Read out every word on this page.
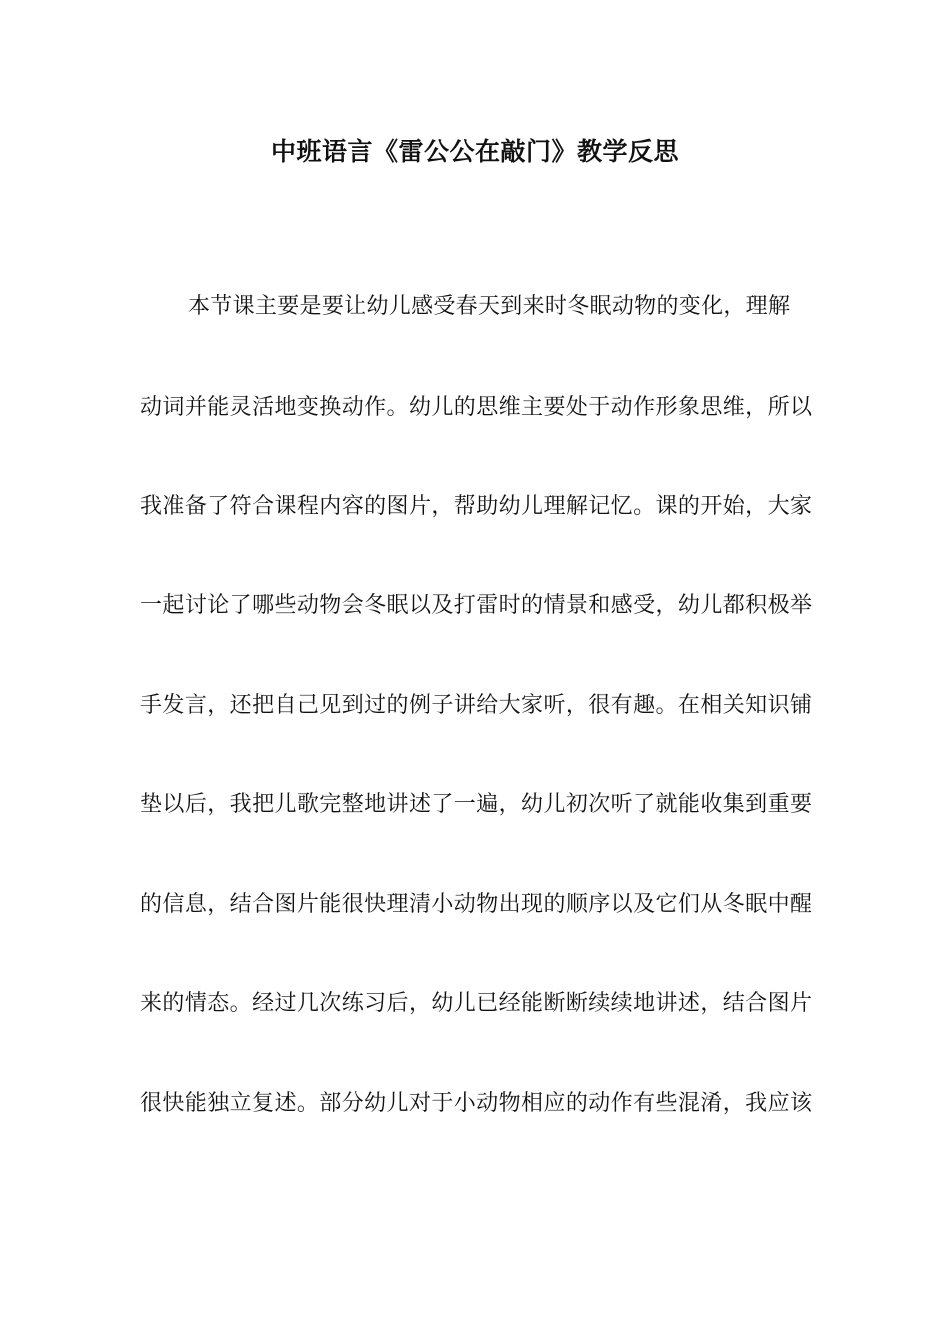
中班语言《雷公公在敲门》教学反思
本节课主要是要让幼儿感受春天到来时冬眠动物的变化，理解
动词并能灵活地变换动作。幼儿的思维主要处于动作形象思维，所以
我准备了符合课程内容的图片，帮助幼儿理解记忆。课的开始，大家
一起讨论了哪些动物会冬眠以及打雷时的情景和感受，幼儿都积极举
手发言，还把自己见到过的例子讲给大家听，很有趣。在相关知识铺
垫以后，我把儿歌完整地讲述了一遍，幼儿初次听了就能收集到重要
的信息，结合图片能很快理清小动物出现的顺序以及它们从冬眠中醒
来的情态。经过几次练习后，幼儿已经能断断续续地讲述，结合图片
很快能独立复述。部分幼儿对于小动物相应的动作有些混淆，我应该
